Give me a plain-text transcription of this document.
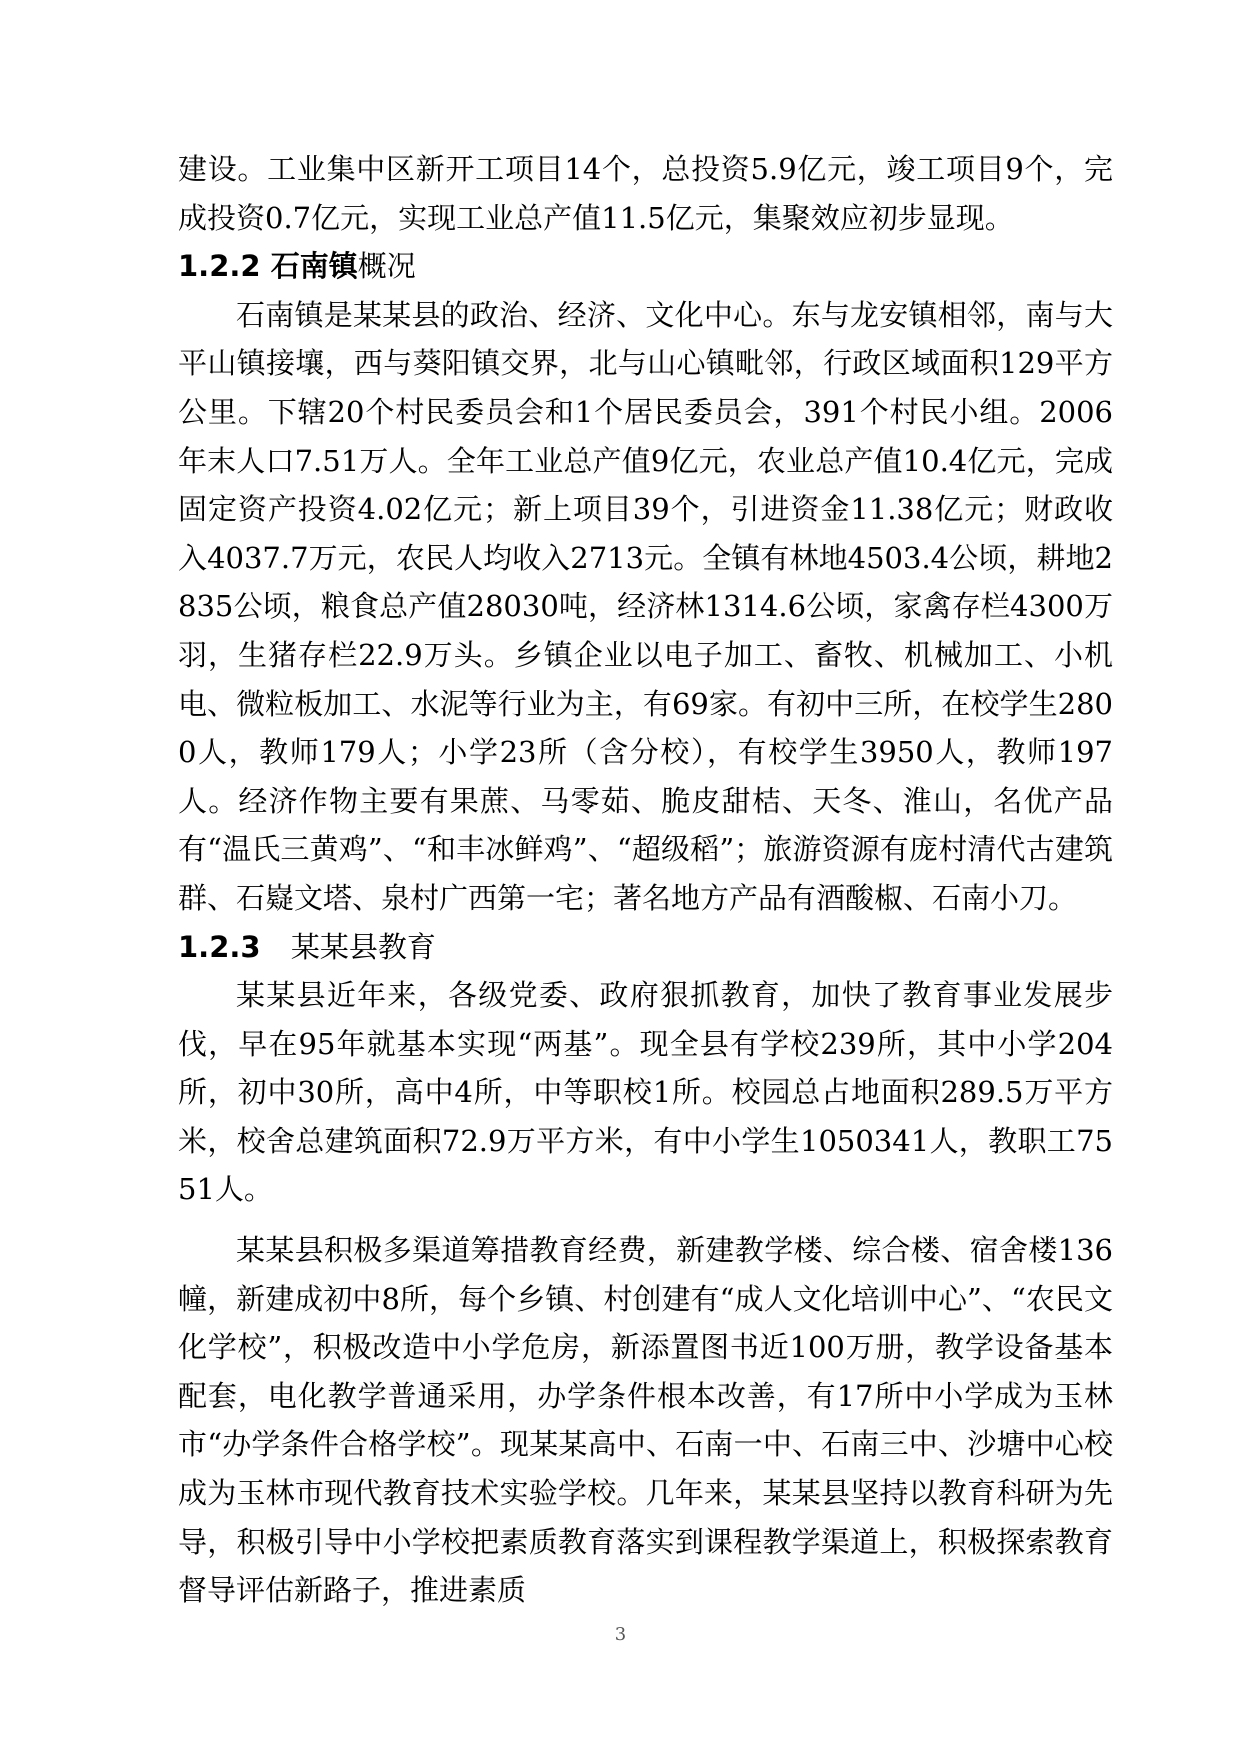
建设。工业集中区新开工项目14个，总投资5.9亿元，竣工项目9个，完成投资0.7亿元，实现工业总产值11.5亿元，集聚效应初步显现。

1.2.2 石南镇概况

石南镇是某某县的政治、经济、文化中心。东与龙安镇相邻，南与大平山镇接壤，西与葵阳镇交界，北与山心镇毗邻，行政区域面积129平方公里。下辖20个村民委员会和1个居民委员会，391个村民小组。2006年末人口7.51万人。全年工业总产值9亿元，农业总产值10.4亿元，完成固定资产投资4.02亿元；新上项目39个，引进资金11.38亿元；财政收入4037.7万元，农民人均收入2713元。全镇有林地4503.4公顷，耕地2835公顷，粮食总产值28030吨，经济林1314.6公顷，家禽存栏4300万羽，生猪存栏22.9万头。乡镇企业以电子加工、畜牧、机械加工、小机电、微粒板加工、水泥等行业为主，有69家。有初中三所，在校学生2800人，教师179人；小学23所（含分校），有校学生3950人，教师197人。经济作物主要有果蔗、马零茹、脆皮甜桔、天冬、淮山，名优产品有“温氏三黄鸡”、“和丰冰鲜鸡”、“超级稻”；旅游资源有庞村清代古建筑群、石嶷文塔、泉村广西第一宅；著名地方产品有酒酸椒、石南小刀。

1.2.3 某某县教育

某某县近年来，各级党委、政府狠抓教育，加快了教育事业发展步伐，早在95年就基本实现“两基”。现全县有学校239所，其中小学204所，初中30所，高中4所，中等职校1所。校园总占地面积289.5万平方米，校舍总建筑面积72.9万平方米，有中小学生1050341人，教职工7551人。

某某县积极多渠道筹措教育经费，新建教学楼、综合楼、宿舍楼136幢，新建成初中8所，每个乡镇、村创建有“成人文化培训中心”、“农民文化学校”，积极改造中小学危房，新添置图书近100万册，教学设备基本配套，电化教学普通采用，办学条件根本改善，有17所中小学成为玉林市“办学条件合格学校”。现某某高中、石南一中、石南三中、沙塘中心校成为玉林市现代教育技术实验学校。几年来，某某县坚持以教育科研为先导，积极引导中小学校把素质教育落实到课程教学渠道上，积极探索教育督导评估新路子，推进素质

3
